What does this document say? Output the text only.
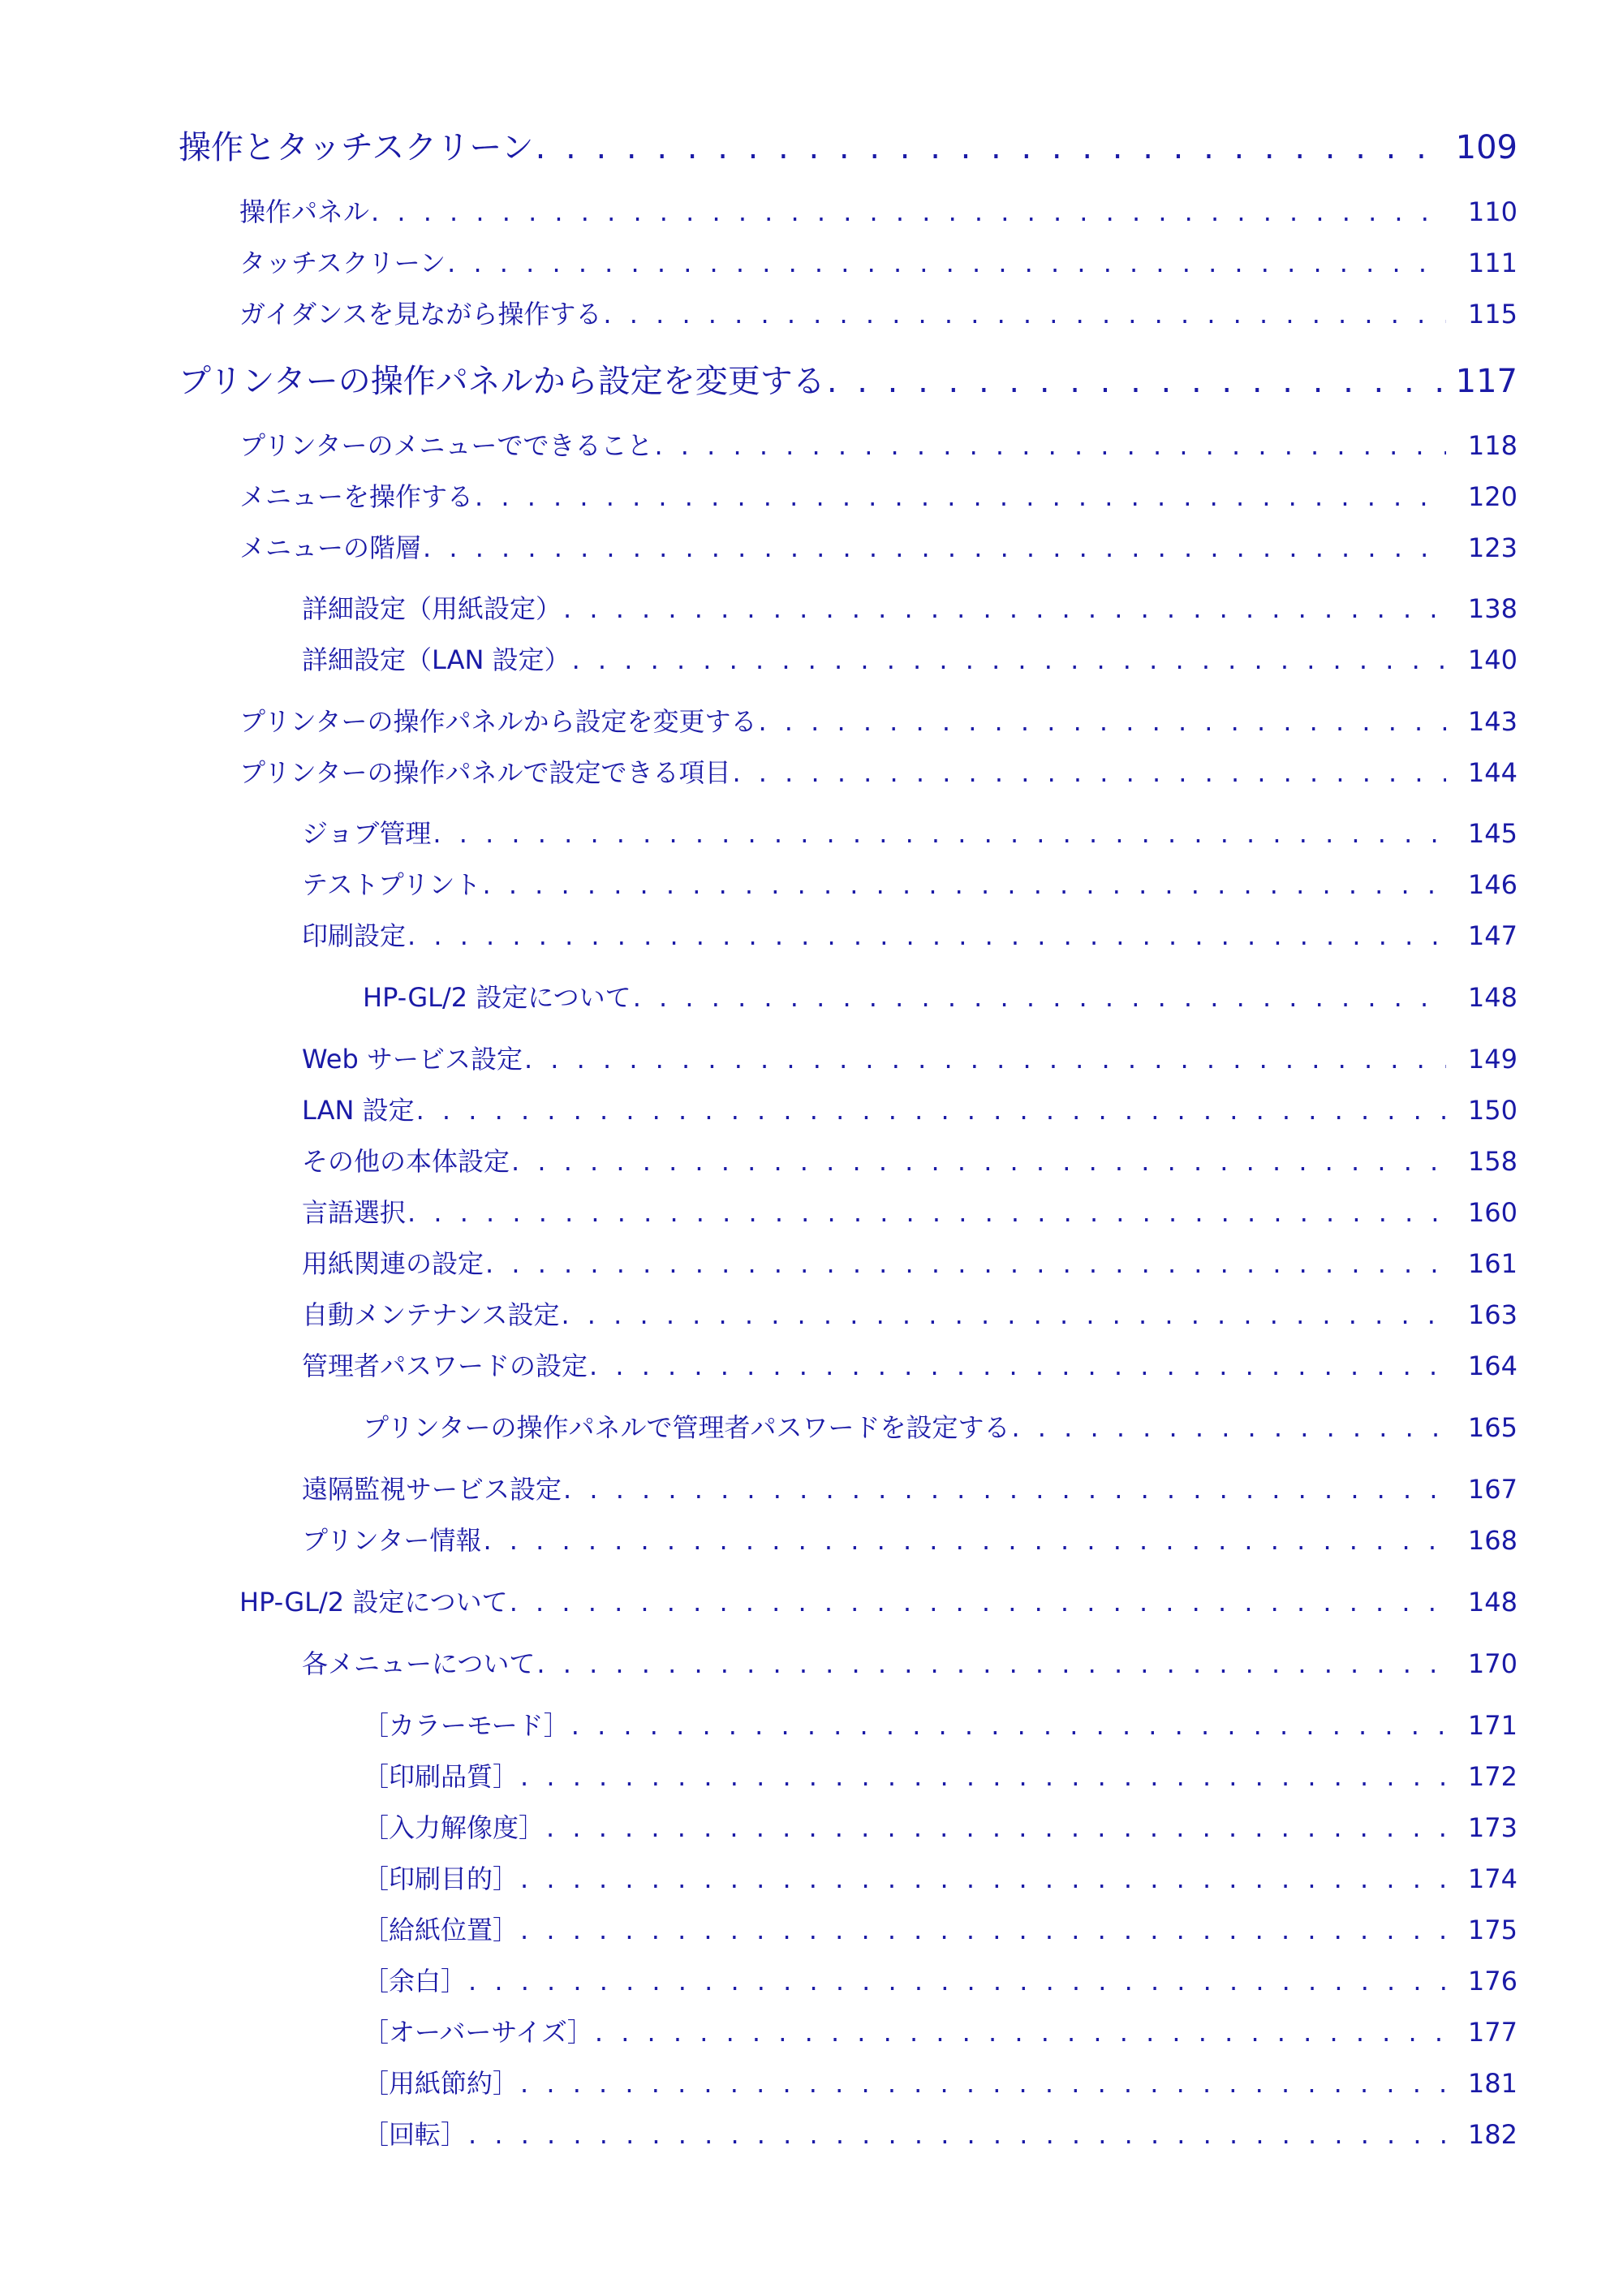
操作とタッチスクリーン . . .	109
操作パネル . . .	110
タッチスクリーン . . .	111
ガイダンスを見ながら操作する . . .	115
プリンターの操作パネルから設定を変更する . . .	117
プリンターのメニューでできること . . .	118
メニューを操作する . . .	120
メニューの階層 . . .	123
詳細設定（用紙設定） . . .	138
詳細設定（LAN 設定） . . .	140
プリンターの操作パネルから設定を変更する . . .	143
プリンターの操作パネルで設定できる項目 . . .	144
ジョブ管理 . . .	145
テストプリント . . .	146
印刷設定 . . .	147
HP-GL/2 設定について . . .	148
Web サービス設定 . . .	149
LAN 設定 . . .	150
その他の本体設定 . . .	158
言語選択 . . .	160
用紙関連の設定 . . .	161
自動メンテナンス設定 . . .	163
管理者パスワードの設定 . . .	164
プリンターの操作パネルで管理者パスワードを設定する . . .	165
遠隔監視サービス設定 . . .	167
プリンター情報 . . .	168
HP-GL/2 設定について . . .	148
各メニューについて . . .	170
［カラーモード］ . . .	171
［印刷品質］ . . .	172
［入力解像度］ . . .	173
［印刷目的］ . . .	174
［給紙位置］ . . .	175
［余白］ . . .	176
［オーバーサイズ］ . . .	177
［用紙節約］ . . .	181
［回転］ . . .	182
